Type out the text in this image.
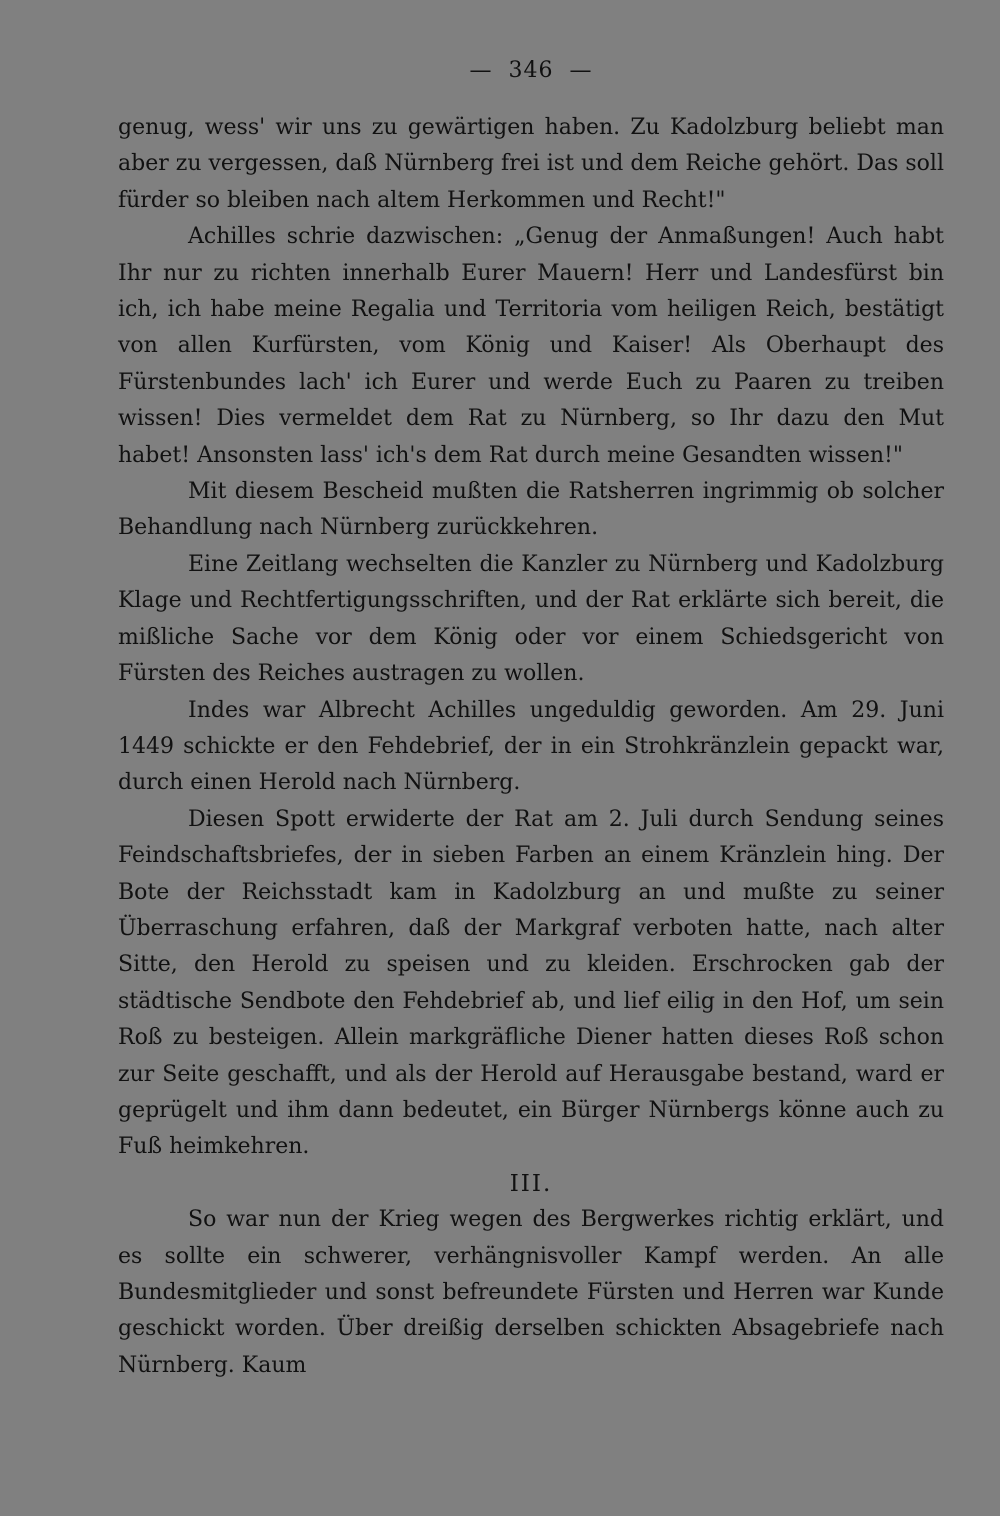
— 346 —

genug, wess' wir uns zu gewärtigen haben. Zu Kadolzburg beliebt man aber zu vergessen, daß Nürnberg frei ist und dem Reiche gehört. Das soll fürder so bleiben nach altem Herkommen und Recht!"

Achilles schrie dazwischen: „Genug der Anmaßungen! Auch habt Ihr nur zu richten innerhalb Eurer Mauern! Herr und Landesfürst bin ich, ich habe meine Regalia und Territoria vom heiligen Reich, bestätigt von allen Kurfürsten, vom König und Kaiser! Als Oberhaupt des Fürstenbundes lach' ich Eurer und werde Euch zu Paaren zu treiben wissen! Dies vermeldet dem Rat zu Nürnberg, so Ihr dazu den Mut habet! Ansonsten lass' ich's dem Rat durch meine Gesandten wissen!"

Mit diesem Bescheid mußten die Ratsherren ingrimmig ob solcher Behandlung nach Nürnberg zurückkehren.

Eine Zeitlang wechselten die Kanzler zu Nürnberg und Kadolzburg Klage und Rechtfertigungsschriften, und der Rat erklärte sich bereit, die mißliche Sache vor dem König oder vor einem Schiedsgericht von Fürsten des Reiches austragen zu wollen.

Indes war Albrecht Achilles ungeduldig geworden. Am 29. Juni 1449 schickte er den Fehdebrief, der in ein Strohkränzlein gepackt war, durch einen Herold nach Nürnberg.

Diesen Spott erwiderte der Rat am 2. Juli durch Sendung seines Feindschaftsbriefes, der in sieben Farben an einem Kränzlein hing. Der Bote der Reichsstadt kam in Kadolzburg an und mußte zu seiner Überraschung erfahren, daß der Markgraf verboten hatte, nach alter Sitte, den Herold zu speisen und zu kleiden. Erschrocken gab der städtische Sendbote den Fehdebrief ab, und lief eilig in den Hof, um sein Roß zu besteigen. Allein markgräfliche Diener hatten dieses Roß schon zur Seite geschafft, und als der Herold auf Herausgabe bestand, ward er geprügelt und ihm dann bedeutet, ein Bürger Nürnbergs könne auch zu Fuß heimkehren.

III.

So war nun der Krieg wegen des Bergwerkes richtig erklärt, und es sollte ein schwerer, verhängnisvoller Kampf werden. An alle Bundesmitglieder und sonst befreundete Fürsten und Herren war Kunde geschickt worden. Über dreißig derselben schickten Absagebriefe nach Nürnberg. Kaum
